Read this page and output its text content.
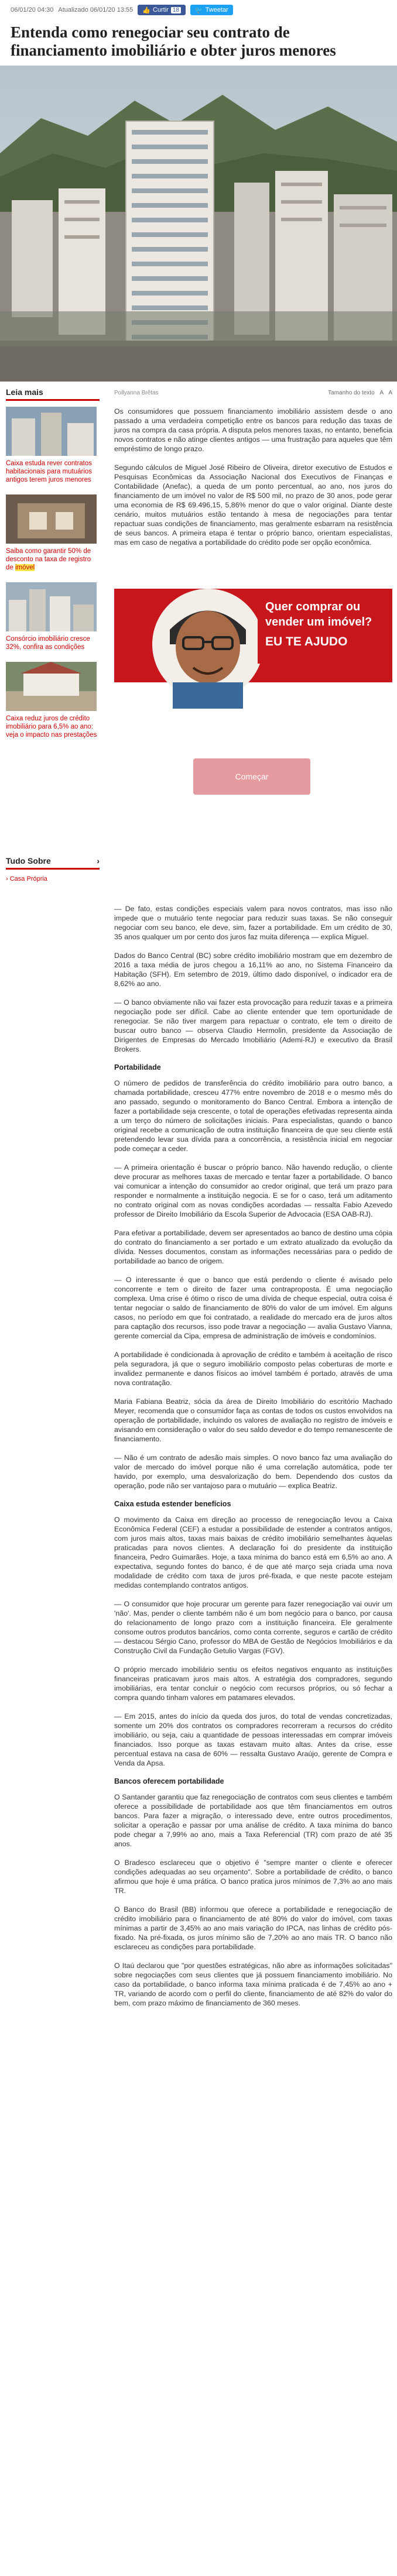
06/01/20 04:30 Atualizado 06/01/20 13:55 👍 Curtir 18 🐦 Tweetar
Entenda como renegociar seu contrato de financiamento imobiliário e obter juros menores
Leia mais
Caixa estuda rever contratos habitacionais para mutuários antigos terem juros menores
Saiba como garantir 50% de desconto na taxa de registro de imóvel
Consórcio imobiliário cresce 32%, confira as condições
Caixa reduz juros de crédito imobiliário para 6,5% ao ano: veja o impacto nas prestações
Tudo Sobre	›
› Casa Própria
Pollyanna Brêtas	Tamanho do texto A A

Os consumidores que possuem financiamento imobiliário assistem desde o ano passado a uma verdadeira competição entre os bancos para redução das taxas de juros na compra da casa própria. A disputa pelos menores taxas, no entanto, beneficia novos contratos e não atinge clientes antigos — uma frustração para aqueles que têm empréstimo de longo prazo.

Segundo cálculos de Miguel José Ribeiro de Oliveira, diretor executivo de Estudos e Pesquisas Econômicas da Associação Nacional dos Executivos de Finanças e Contabilidade (Anefac), a queda de um ponto percentual, ao ano, nos juros do financiamento de um imóvel no valor de R$ 500 mil, no prazo de 30 anos, pode gerar uma economia de R$ 69.496,15, 5,86% menor do que o valor original. Diante deste cenário, muitos mutuários estão tentando à mesa de negociações para tentar repactuar suas condições de financiamento, mas geralmente esbarram na resistência de seus bancos. A primeira etapa é tentar o próprio banco, orientam especialistas, mas em caso de negativa a portabilidade do crédito pode ser opção econômica.

Quer comprar ou
vender um imóvel?
EU TE AJUDO
Começar

— De fato, estas condições especiais valem para novos contratos, mas isso não impede que o mutuário tente negociar para reduzir suas taxas. Se não conseguir negociar com seu banco, ele deve, sim, fazer a portabilidade. Em um crédito de 30, 35 anos qualquer um por cento dos juros faz muita diferença — explica Miguel.

Dados do Banco Central (BC) sobre crédito imobiliário mostram que em dezembro de 2016 a taxa média de juros chegou a 16,11% ao ano, no Sistema Financeiro da Habitação (SFH). Em setembro de 2019, último dado disponível, o indicador era de 8,62% ao ano.

— O banco obviamente não vai fazer esta provocação para reduzir taxas e a primeira negociação pode ser difícil. Cabe ao cliente entender que tem oportunidade de renegociar. Se não tiver margem para repactuar o contrato, ele tem o direito de buscar outro banco — observa Claudio Hermolin, presidente da Associação de Dirigentes de Empresas do Mercado Imobiliário (Ademi-RJ) e executivo da Brasil Brokers.

Portabilidade

O número de pedidos de transferência do crédito imobiliário para outro banco, a chamada portabilidade, cresceu 477% entre novembro de 2018 e o mesmo mês do ano passado, segundo o monitoramento do Banco Central. Embora a intenção de fazer a portabilidade seja crescente, o total de operações efetivadas representa ainda a um terço do número de solicitações iniciais. Para especialistas, quando o banco original recebe a comunicação de outra instituição financeira de que seu cliente está pretendendo levar sua dívida para a concorrência, a resistência inicial em negociar pode começar a ceder.

— A primeira orientação é buscar o próprio banco. Não havendo redução, o cliente deve procurar as melhores taxas de mercado e tentar fazer a portabilidade. O banco vai comunicar a intenção do consumidor ao credor original, que terá um prazo para responder e normalmente a instituição negocia. E se for o caso, terá um aditamento no contrato original com as novas condições acordadas — ressalta Fabio Azevedo professor de Direito Imobiliário da Escola Superior de Advocacia (ESA OAB-RJ).

Para efetivar a portabilidade, devem ser apresentados ao banco de destino uma cópia do contrato do financiamento a ser portado e um extrato atualizado da evolução da dívida. Nesses documentos, constam as informações necessárias para o pedido de portabilidade ao banco de origem.

— O interessante é que o banco que está perdendo o cliente é avisado pelo concorrente e tem o direito de fazer uma contraproposta. É uma negociação complexa. Uma crise é ótimo o risco de uma dívida de cheque especial, outra coisa é tentar negociar o saldo de financiamento de 80% do valor de um imóvel. Em alguns casos, no período em que foi contratado, a realidade do mercado era de juros altos para captação dos recursos, isso pode travar a negociação — avalia Gustavo Vianna, gerente comercial da Cipa, empresa de administração de imóveis e condomínios.

A portabilidade é condicionada à aprovação de crédito e também à aceitação de risco pela seguradora, já que o seguro imobiliário composto pelas coberturas de morte e invalidez permanente e danos físicos ao imóvel também é portado, através de uma nova contratação.

Maria Fabiana Beatriz, sócia da área de Direito Imobiliário do escritório Machado Meyer, recomenda que o consumidor faça as contas de todos os custos envolvidos na operação de portabilidade, incluindo os valores de avaliação no registro de imóveis e avisando em consideração o valor do seu saldo devedor e do tempo remanescente de financiamento.

— Não é um contrato de adesão mais simples. O novo banco faz uma avaliação do valor de mercado do imóvel porque não é uma correlação automática, pode ter havido, por exemplo, uma desvalorização do bem. Dependendo dos custos da operação, pode não ser vantajoso para o mutuário — explica Beatriz.

Caixa estuda estender benefícios

O movimento da Caixa em direção ao processo de renegociação levou a Caixa Econômica Federal (CEF) a estudar a possibilidade de estender a contratos antigos, com juros mais altos, taxas mais baixas de crédito imobiliário semelhantes àquelas praticadas para novos clientes. A declaração foi do presidente da instituição financeira, Pedro Guimarães. Hoje, a taxa mínima do banco está em 6,5% ao ano. A expectativa, segundo fontes do banco, é de que até março seja criada uma nova modalidade de crédito com taxa de juros pré-fixada, e que neste pacote estejam medidas contemplando contratos antigos.

— O consumidor que hoje procurar um gerente para fazer renegociação vai ouvir um 'não'. Mas, pender o cliente também não é um bom negócio para o banco, por causa do relacionamento de longo prazo com a instituição financeira. Ele geralmente consome outros produtos bancários, como conta corrente, seguros e cartão de crédito — destacou Sérgio Cano, professor do MBA de Gestão de Negócios Imobiliários e da Construção Civil da Fundação Getulio Vargas (FGV).

O próprio mercado imobiliário sentiu os efeitos negativos enquanto as instituições financeiras praticavam juros mais altos. A estratégia dos compradores, segundo imobiliárias, era tentar concluir o negócio com recursos próprios, ou só fechar a compra quando tinham valores em patamares elevados.

— Em 2015, antes do início da queda dos juros, do total de vendas concretizadas, somente um 20% dos contratos os compradores recorreram a recursos do crédito imobiliário, ou seja, caiu a quantidade de pessoas interessadas em comprar imóveis financiados. Isso porque as taxas estavam muito altas. Antes da crise, esse percentual estava na casa de 60% — ressalta Gustavo Araújo, gerente de Compra e Venda da Apsa.

Bancos oferecem portabilidade

O Santander garantiu que faz renegociação de contratos com seus clientes e também oferece a possibilidade de portabilidade aos que têm financiamentos em outros bancos. Para fazer a migração, o interessado deve, entre outros procedimentos, solicitar a operação e passar por uma análise de crédito. A taxa mínima do banco pode chegar a 7,99% ao ano, mais a Taxa Referencial (TR) com prazo de até 35 anos.

O Bradesco esclareceu que o objetivo é "sempre manter o cliente e oferecer condições adequadas ao seu orçamento". Sobre a portabilidade de crédito, o banco afirmou que hoje é uma prática. O banco pratica juros mínimos de 7,3% ao ano mais TR.

O Banco do Brasil (BB) informou que oferece a portabilidade e renegociação de crédito imobiliário para o financiamento de até 80% do valor do imóvel, com taxas mínimas a partir de 3,45% ao ano mais variação do IPCA, nas linhas de crédito pós-fixado. Na pré-fixada, os juros mínimo são de 7,20% ao ano mais TR. O banco não esclareceu as condições para portabilidade.

O Itaú declarou que "por questões estratégicas, não abre as informações solicitadas" sobre negociações com seus clientes que já possuem financiamento imobiliário. No caso da portabilidade, o banco informa taxa mínima praticada é de 7,45% ao ano + TR, variando de acordo com o perfil do cliente, financiamento de até 82% do valor do bem, com prazo máximo de financiamento de 360 meses.
